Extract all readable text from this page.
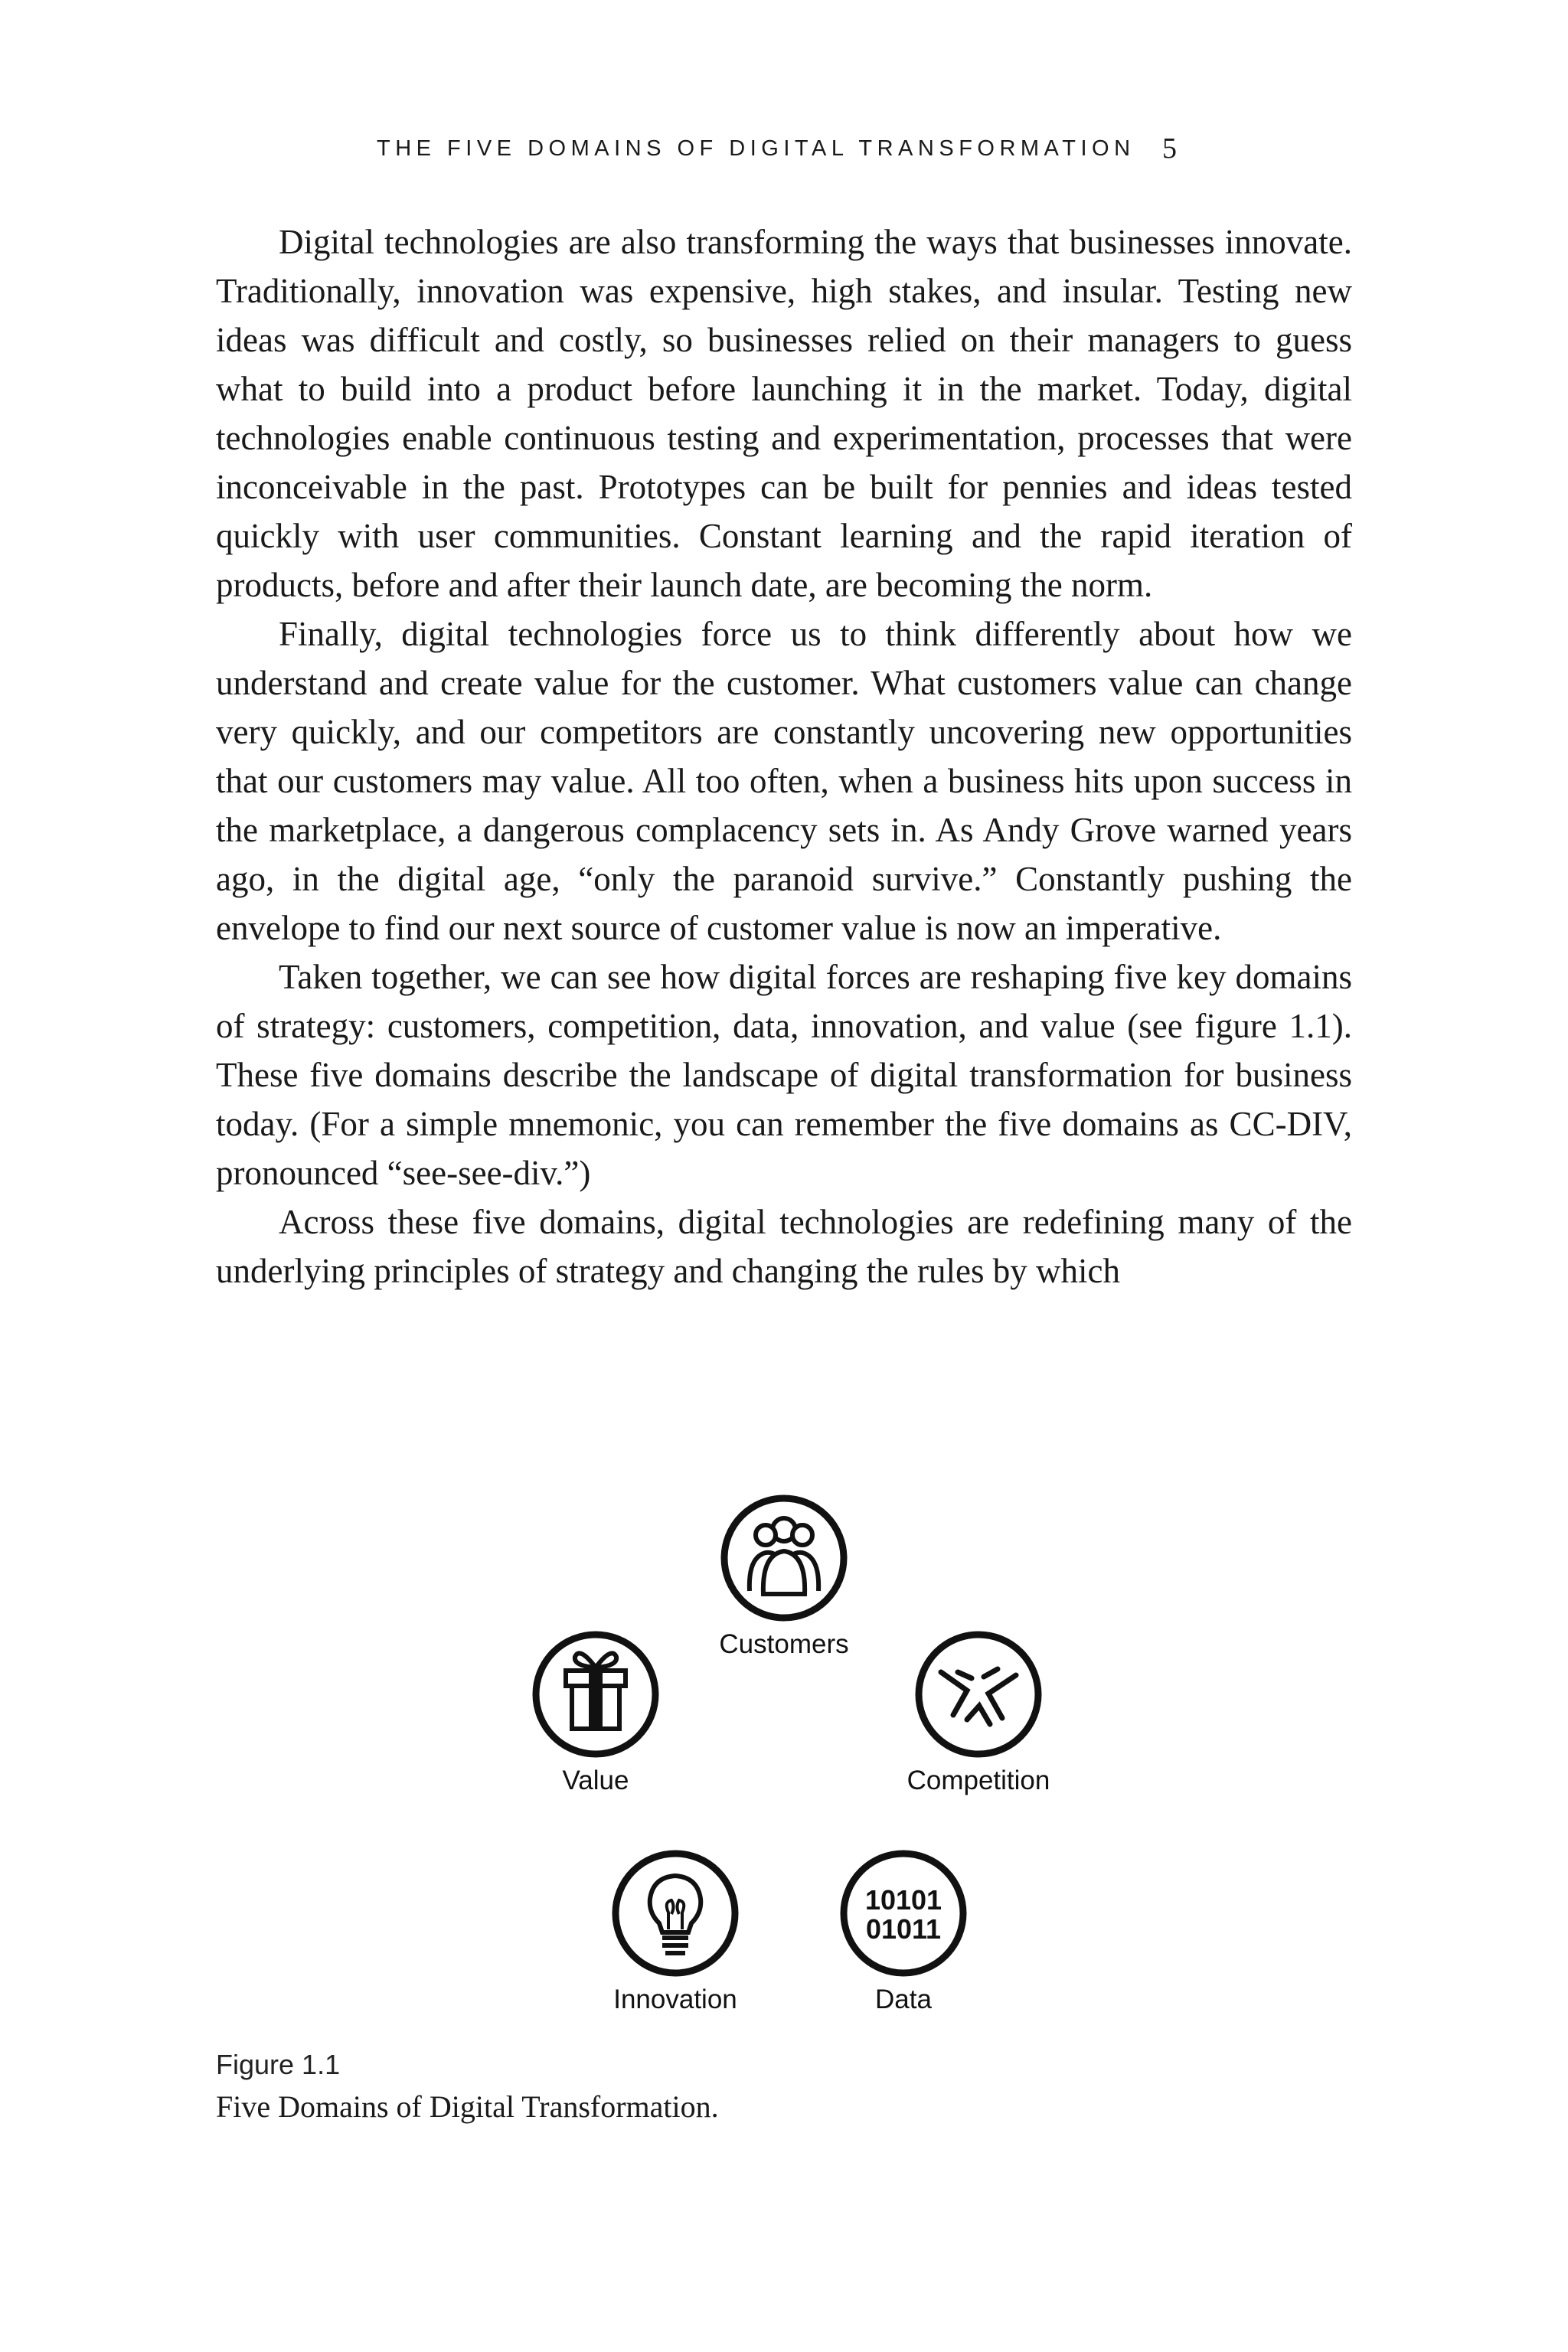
THE FIVE DOMAINS OF DIGITAL TRANSFORMATION 5

Digital technologies are also transforming the ways that businesses innovate. Traditionally, innovation was expensive, high stakes, and insular. Testing new ideas was difficult and costly, so businesses relied on their managers to guess what to build into a product before launching it in the market. Today, digital technologies enable continuous testing and experimentation, processes that were inconceivable in the past. Prototypes can be built for pennies and ideas tested quickly with user communities. Constant learning and the rapid iteration of products, before and after their launch date, are becoming the norm.

Finally, digital technologies force us to think differently about how we understand and create value for the customer. What customers value can change very quickly, and our competitors are constantly uncovering new opportunities that our customers may value. All too often, when a business hits upon success in the marketplace, a dangerous complacency sets in. As Andy Grove warned years ago, in the digital age, “only the paranoid survive.” Constantly pushing the envelope to find our next source of customer value is now an imperative.

Taken together, we can see how digital forces are reshaping five key domains of strategy: customers, competition, data, innovation, and value (see figure 1.1). These five domains describe the landscape of digital transformation for business today. (For a simple mnemonic, you can remember the five domains as CC-DIV, pronounced “see-see-div.”)

Across these five domains, digital technologies are redefining many of the underlying principles of strategy and changing the rules by which

Customers
Value	Competition
Innovation
10101
01011
Data
Figure 1.1
Five Domains of Digital Transformation.
